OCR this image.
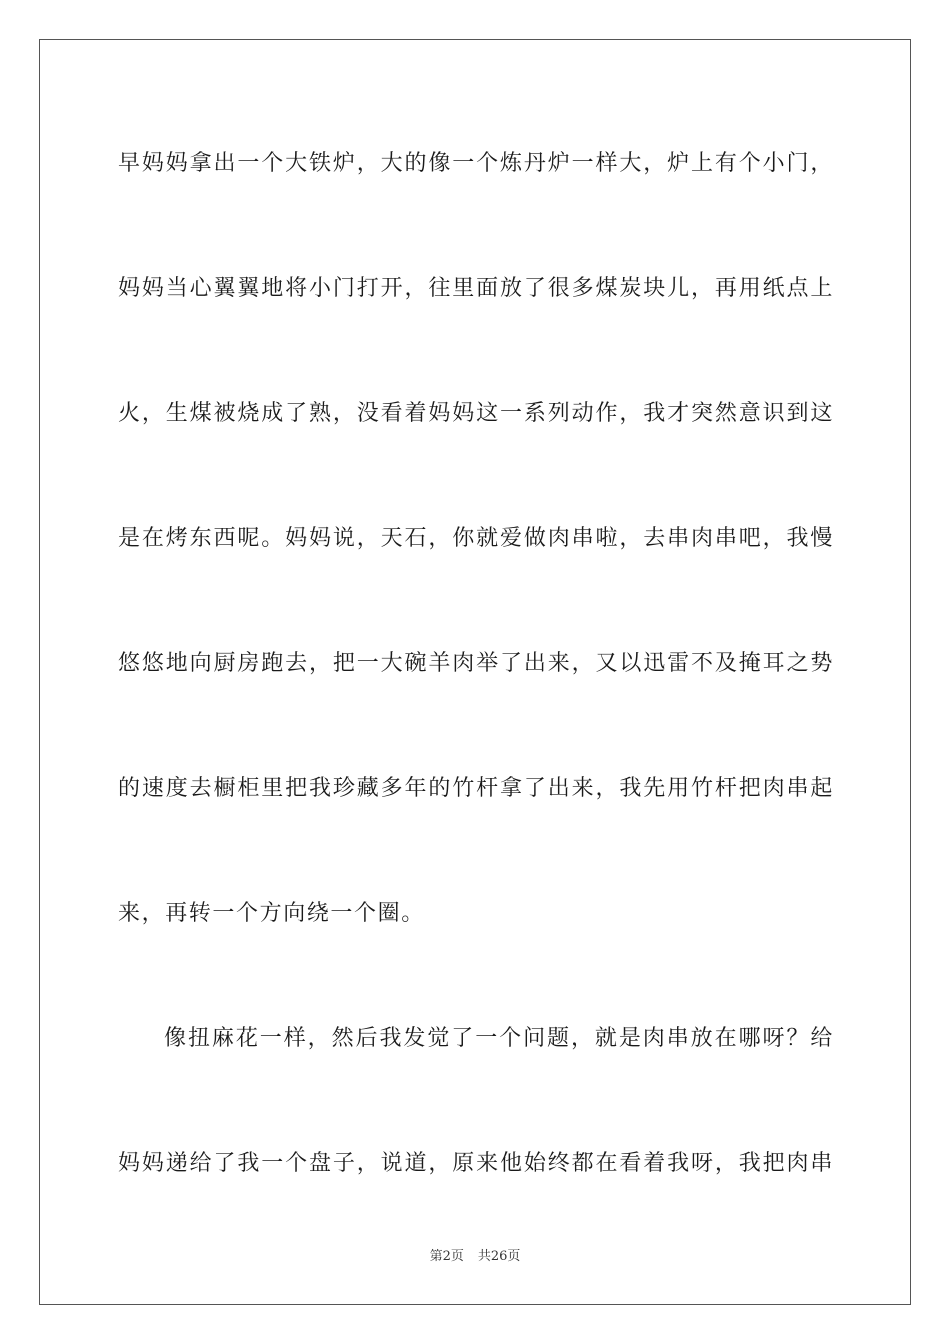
早妈妈拿出一个大铁炉，大的像一个炼丹炉一样大，炉上有个小门，
妈妈当心翼翼地将小门打开，往里面放了很多煤炭块儿，再用纸点上
火，生煤被烧成了熟，没看着妈妈这一系列动作，我才突然意识到这
是在烤东西呢。妈妈说，天石，你就爱做肉串啦，去串肉串吧，我慢
悠悠地向厨房跑去，把一大碗羊肉举了出来，又以迅雷不及掩耳之势
的速度去橱柜里把我珍藏多年的竹杆拿了出来，我先用竹杆把肉串起
来，再转一个方向绕一个圈。
像扭麻花一样，然后我发觉了一个问题，就是肉串放在哪呀？给
妈妈递给了我一个盘子，说道，原来他始终都在看着我呀，我把肉串
第2页 共26页
